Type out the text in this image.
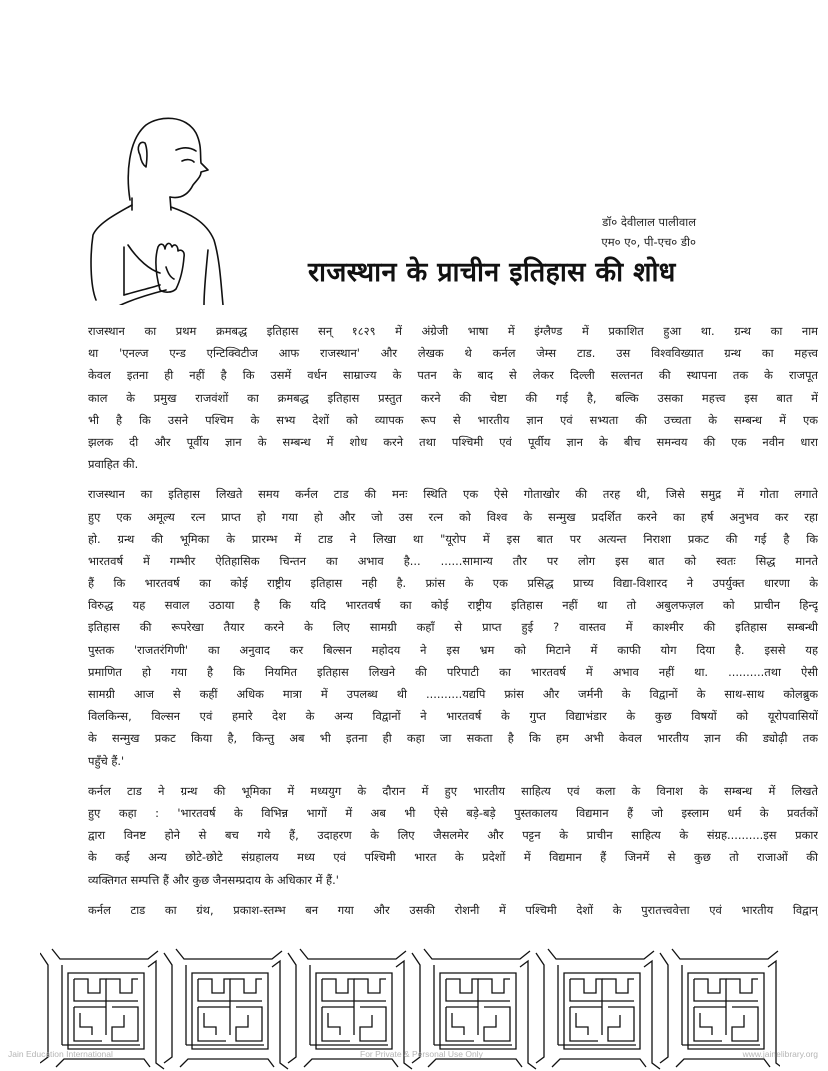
डॉ० देवीलाल पालीवाल
एम० ए०, पी-एच० डी०
राजस्थान के प्राचीन इतिहास की शोध

राजस्थान का प्रथम क्रमबद्ध इतिहास सन् १८२९ में अंग्रेजी भाषा में इंग्लैण्ड में प्रकाशित हुआ था. ग्रन्थ का नाम
था 'एनल्ज एन्ड एन्टिक्विटीज आफ राजस्थान' और लेखक थे कर्नल जेम्स टाड. उस विश्वविख्यात ग्रन्थ का महत्त्व
केवल इतना ही नहीं है कि उसमें वर्धन साम्राज्य के पतन के बाद से लेकर दिल्ली सल्तनत की स्थापना तक के राजपूत
काल के प्रमुख राजवंशों का क्रमबद्ध इतिहास प्रस्तुत करने की चेष्टा की गई है, बल्कि उसका महत्त्व इस बात में
भी है कि उसने पश्चिम के सभ्य देशों को व्यापक रूप से भारतीय ज्ञान एवं सभ्यता की उच्चता के सम्बन्ध में एक
झलक दी और पूर्वीय ज्ञान के सम्बन्ध में शोध करने तथा पश्चिमी एवं पूर्वीय ज्ञान के बीच समन्वय की एक नवीन धारा
प्रवाहित की.

राजस्थान का इतिहास लिखते समय कर्नल टाड की मनः स्थिति एक ऐसे गोताखोर की तरह थी, जिसे समुद्र में गोता लगाते
हुए एक अमूल्य रत्न प्राप्त हो गया हो और जो उस रत्न को विश्व के सन्मुख प्रदर्शित करने का हर्ष अनुभव कर रहा
हो. ग्रन्थ की भूमिका के प्रारम्भ में टाड ने लिखा था "यूरोप में इस बात पर अत्यन्त निराशा प्रकट की गई है कि
भारतवर्ष में गम्भीर ऐतिहासिक चिन्तन का अभाव है... ......सामान्य तौर पर लोग इस बात को स्वतः सिद्ध मानते
हैं कि भारतवर्ष का कोई राष्ट्रीय इतिहास नही है. फ्रांस के एक प्रसिद्ध प्राच्य विद्या-विशारद ने उपर्युक्त धारणा के
विरुद्ध यह सवाल उठाया है कि यदि भारतवर्ष का कोई राष्ट्रीय इतिहास नहीं था तो अबुलफज़ल को प्राचीन हिन्दू
इतिहास की रूपरेखा तैयार करने के लिए सामग्री कहाँ से प्राप्त हुई ? वास्तव में काश्मीर की इतिहास सम्बन्धी
पुस्तक 'राजतरंगिणी' का अनुवाद कर बिल्सन महोदय ने इस भ्रम को मिटाने में काफी योग दिया है. इससे यह
प्रमाणित हो गया है कि नियमित इतिहास लिखने की परिपाटी का भारतवर्ष में अभाव नहीं था. ..........तथा ऐसी
सामग्री आज से कहीं अधिक मात्रा में उपलब्ध थी ..........यद्यपि फ्रांस और जर्मनी के विद्वानों के साथ-साथ कोलब्रुक
विलकिन्स, विल्सन एवं हमारे देश के अन्य विद्वानों ने भारतवर्ष के गुप्त विद्याभंडार के कुछ विषयों को यूरोपवासियों
के सन्मुख प्रकट किया है, किन्तु अब भी इतना ही कहा जा सकता है कि हम अभी केवल भारतीय ज्ञान की ड्योढ़ी तक
पहुँचे हैं.'

कर्नल टाड ने ग्रन्थ की भूमिका में मध्ययुग के दौरान में हुए भारतीय साहित्य एवं कला के विनाश के सम्बन्ध में लिखते
हुए कहा : 'भारतवर्ष के विभिन्न भागों में अब भी ऐसे बड़े-बड़े पुस्तकालय विद्यमान हैं जो इस्लाम धर्म के प्रवर्तकों
द्वारा विनष्ट होने से बच गये हैं, उदाहरण के लिए जैसलमेर और पट्टन के प्राचीन साहित्य के संग्रह..........इस प्रकार
के कई अन्य छोटे-छोटे संग्रहालय मध्य एवं पश्चिमी भारत के प्रदेशों में विद्यमान हैं जिनमें से कुछ तो राजाओं की
व्यक्तिगत सम्पत्ति हैं और कुछ जैनसम्प्रदाय के अधिकार में हैं.'

कर्नल टाड का ग्रंथ, प्रकाश-स्तम्भ बन गया और उसकी रोशनी में पश्चिमी देशों के पुरातत्त्ववेत्ता एवं भारतीय विद्वान्

Jain Education International	For Private & Personal Use Only	www.jainelibrary.org
